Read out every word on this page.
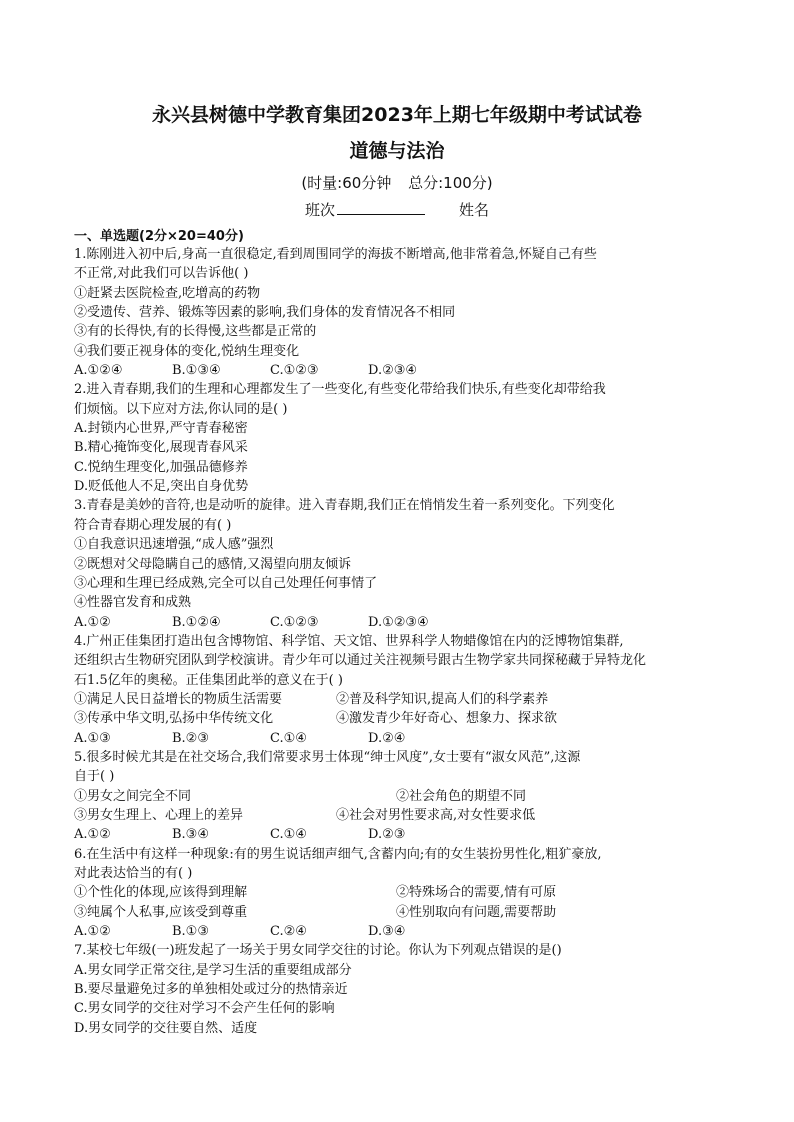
永兴县树德中学教育集团2023年上期七年级期中考试试卷
道德与法治
(时量:60分钟 总分:100分)
班次	姓名
一、单选题(2分×20=40分)
1.陈刚进入初中后,身高一直很稳定,看到周围同学的海拔不断增高,他非常着急,怀疑自己有些
不正常,对此我们可以告诉他( )
①赶紧去医院检查,吃增高的药物
②受遗传、营养、锻炼等因素的影响,我们身体的发育情况各不相同
③有的长得快,有的长得慢,这些都是正常的
④我们要正视身体的变化,悦纳生理变化
A.①②④	B.①③④	C.①②③	D.②③④
2.进入青春期,我们的生理和心理都发生了一些变化,有些变化带给我们快乐,有些变化却带给我
们烦恼。以下应对方法,你认同的是( )
A.封锁内心世界,严守青春秘密
B.精心掩饰变化,展现青春风采
C.悦纳生理变化,加强品德修养
D.贬低他人不足,突出自身优势
3.青春是美妙的音符,也是动听的旋律。进入青春期,我们正在悄悄发生着一系列变化。下列变化
符合青春期心理发展的有( )
①自我意识迅速增强,“成人感”强烈
②既想对父母隐瞒自己的感情,又渴望向朋友倾诉
③心理和生理已经成熟,完全可以自己处理任何事情了
④性器官发育和成熟
A.①②	B.①②④	C.①②③	D.①②③④
4.广州正佳集团打造出包含博物馆、科学馆、天文馆、世界科学人物蜡像馆在内的泛博物馆集群,
还组织古生物研究团队到学校演讲。青少年可以通过关注视频号跟古生物学家共同探秘藏于异特龙化
石1.5亿年的奥秘。正佳集团此举的意义在于( )
①满足人民日益增长的物质生活需要	②普及科学知识,提高人们的科学素养
③传承中华文明,弘扬中华传统文化	④激发青少年好奇心、想象力、探求欲
A.①③	B.②③	C.①④	D.②④
5.很多时候尤其是在社交场合,我们常要求男士体现“绅士风度”,女士要有“淑女风范”,这源
自于( )
①男女之间完全不同	②社会角色的期望不同
③男女生理上、心理上的差异	④社会对男性要求高,对女性要求低
A.①②	B.③④	C.①④	D.②③
6.在生活中有这样一种现象:有的男生说话细声细气,含蓄内向;有的女生装扮男性化,粗犷豪放,
对此表达恰当的有( )
①个性化的体现,应该得到理解	②特殊场合的需要,情有可原
③纯属个人私事,应该受到尊重	④性别取向有问题,需要帮助
A.①②	B.①③	C.②④	D.③④
7.某校七年级(一)班发起了一场关于男女同学交往的讨论。你认为下列观点错误的是()
A.男女同学正常交往,是学习生活的重要组成部分
B.要尽量避免过多的单独相处或过分的热情亲近
C.男女同学的交往对学习不会产生任何的影响
D.男女同学的交往要自然、适度
